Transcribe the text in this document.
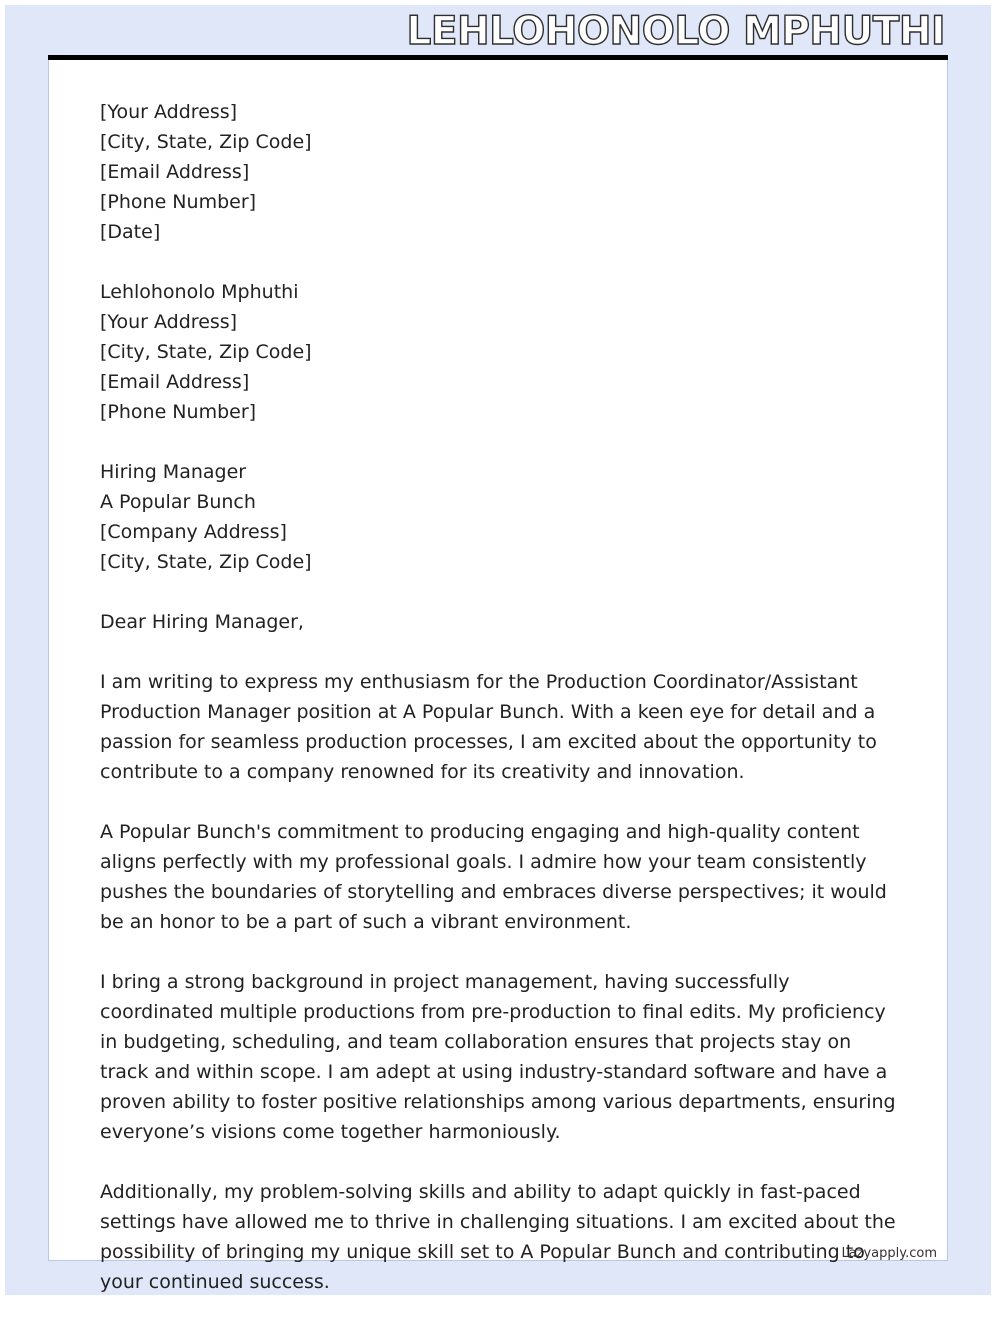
LEHLOHONOLO MPHUTHI

[Your Address]
[City, State, Zip Code]
[Email Address]
[Phone Number]
[Date]

Lehlohonolo Mphuthi
[Your Address]
[City, State, Zip Code]
[Email Address]
[Phone Number]

Hiring Manager
A Popular Bunch
[Company Address]
[City, State, Zip Code]

Dear Hiring Manager,

I am writing to express my enthusiasm for the Production Coordinator/Assistant Production Manager position at A Popular Bunch. With a keen eye for detail and a passion for seamless production processes, I am excited about the opportunity to contribute to a company renowned for its creativity and innovation.

A Popular Bunch's commitment to producing engaging and high-quality content aligns perfectly with my professional goals. I admire how your team consistently pushes the boundaries of storytelling and embraces diverse perspectives; it would be an honor to be a part of such a vibrant environment.

I bring a strong background in project management, having successfully coordinated multiple productions from pre-production to final edits. My proficiency in budgeting, scheduling, and team collaboration ensures that projects stay on track and within scope. I am adept at using industry-standard software and have a proven ability to foster positive relationships among various departments, ensuring everyone’s visions come together harmoniously.

Additionally, my problem-solving skills and ability to adapt quickly in fast-paced settings have allowed me to thrive in challenging situations. I am excited about the possibility of bringing my unique skill set to A Popular Bunch and contributing to your continued success.

Lazyapply.com
